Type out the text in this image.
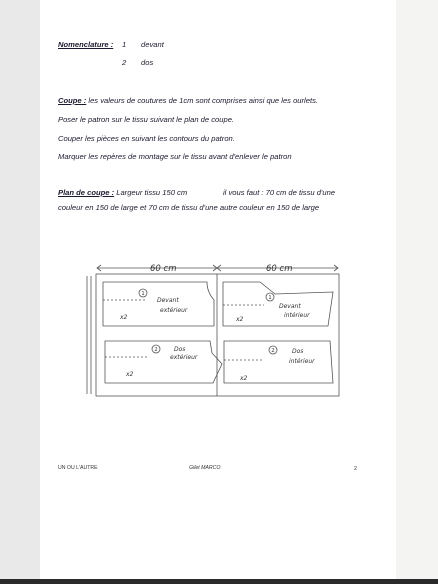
Nomenclature : 1 devant
2 dos
Coupe : les valeurs de coutures de 1cm sont comprises ainsi que les ourlets.
Poser le patron sur le tissu suivant le plan de coupe.
Couper les pièces en suivant les contours du patron.
Marquer les repères de montage sur le tissu avant d'enlever le patron
Plan de coupe : Largeur tissu 150 cm	il vous faut : 70 cm de tissu d'une
couleur en 150 de large et 70 cm de tissu d'une autre couleur en 150 de large
60 cm	60 cm
1
1
2	2
Devant
extérieur
x2
Devant
intérieur
x2
Dos
extérieur
x2
Dos
intérieur
x2
UN OU L'AUTRE	Gilet MARCO	2
